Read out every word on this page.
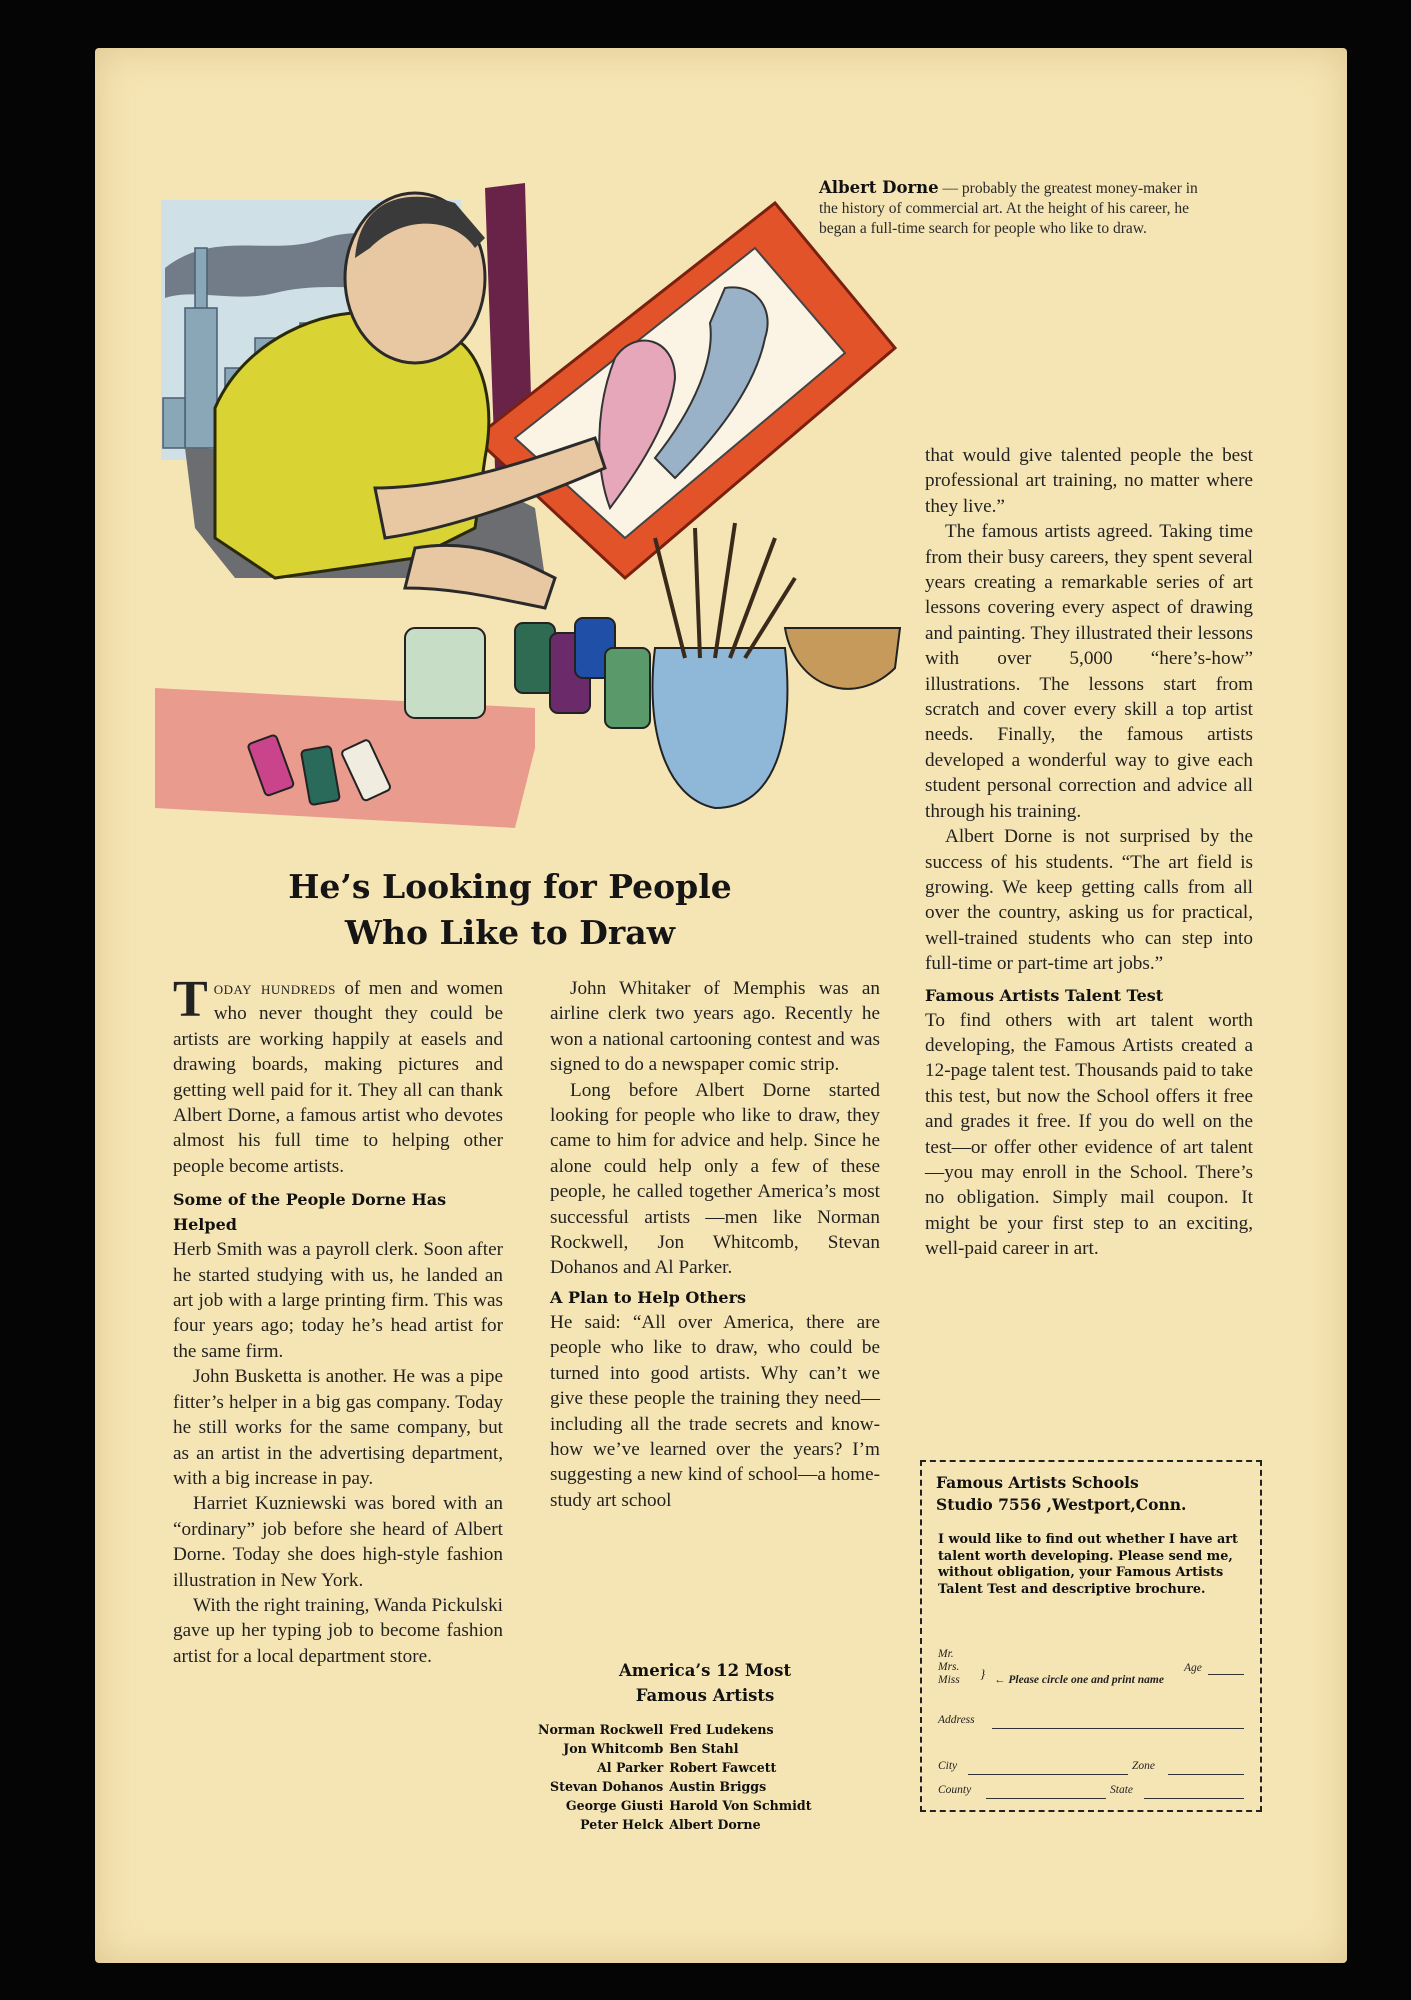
Albert Dorne — probably the greatest money-maker in the history of commercial art. At the height of his career, he began a full-time search for people who like to draw.
He’s Looking for People
Who Like to Draw

Today hundreds of men and women who never thought they could be artists are working happily at easels and drawing boards, making pictures and getting well paid for it. They all can thank Albert Dorne, a famous artist who devotes almost his full time to helping other people become artists.

Some of the People Dorne Has Helped

Herb Smith was a payroll clerk. Soon after he started studying with us, he landed an art job with a large printing firm. This was four years ago; today he’s head artist for the same firm.

John Busketta is another. He was a pipe fitter’s helper in a big gas company. Today he still works for the same company, but as an artist in the advertising department, with a big increase in pay.

Harriet Kuzniewski was bored with an “ordinary” job before she heard of Albert Dorne. Today she does high-style fashion illustration in New York.

With the right training, Wanda Pickulski gave up her typing job to become fashion artist for a local department store.

John Whitaker of Memphis was an airline clerk two years ago. Recently he won a national cartooning contest and was signed to do a newspaper comic strip.

Long before Albert Dorne started looking for people who like to draw, they came to him for advice and help. Since he alone could help only a few of these people, he called together America’s most successful artists —men like Norman Rockwell, Jon Whitcomb, Stevan Dohanos and Al Parker.

A Plan to Help Others

He said: “All over America, there are people who like to draw, who could be turned into good artists. Why can’t we give these people the training they need—including all the trade secrets and know-how we’ve learned over the years? I’m suggesting a new kind of school—a home-study art school

America’s 12 Most
Famous Artists
Norman Rockwell	Fred Ludekens
Jon Whitcomb	Ben Stahl
Al Parker	Robert Fawcett
Stevan Dohanos	Austin Briggs
George Giusti	Harold Von Schmidt
Peter Helck	Albert Dorne

that would give talented people the best professional art training, no matter where they live.”

The famous artists agreed. Taking time from their busy careers, they spent several years creating a remarkable series of art lessons covering every aspect of drawing and painting. They illustrated their lessons with over 5,000 “here’s-how” illustrations. The lessons start from scratch and cover every skill a top artist needs. Finally, the famous artists developed a wonderful way to give each student personal correction and advice all through his training.

Albert Dorne is not surprised by the success of his students. “The art field is growing. We keep getting calls from all over the country, asking us for practical, well-trained students who can step into full-time or part-time art jobs.”

Famous Artists Talent Test

To find others with art talent worth developing, the Famous Artists created a 12-page talent test. Thousands paid to take this test, but now the School offers it free and grades it free. If you do well on the test—or offer other evidence of art talent—you may enroll in the School. There’s no obligation. Simply mail coupon. It might be your first step to an exciting, well-paid career in art.

Famous Artists Schools
Studio 7556 ,Westport,Conn.
I would like to find out whether I have art talent worth developing. Please send me, without obligation, your Famous Artists Talent Test and descriptive brochure.
Mr.
Mrs.
Miss } ← Please circle one and print name
Age
Address
City	Zone
County	State
